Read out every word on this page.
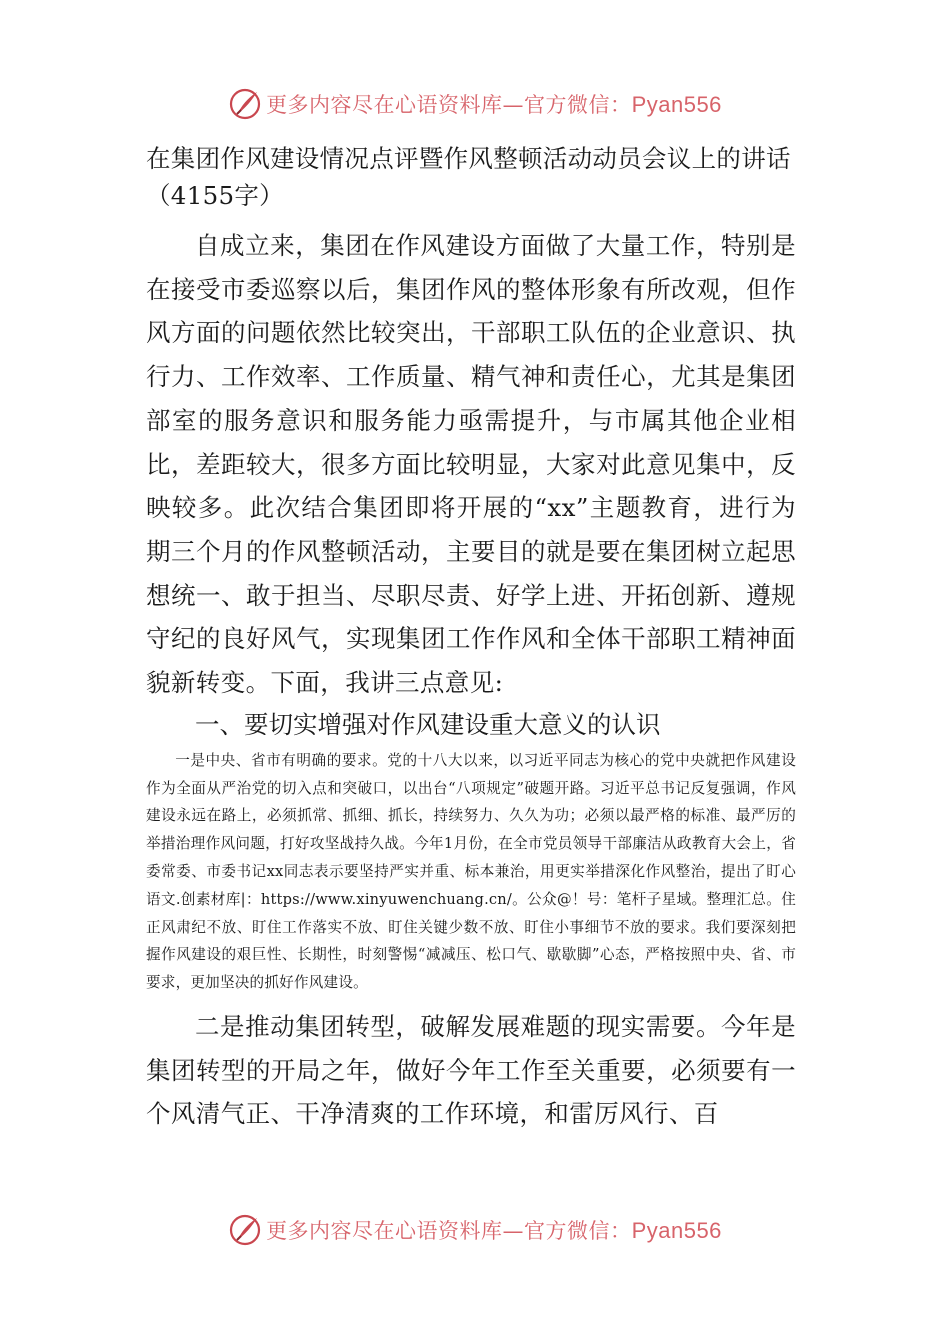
更多内容尽在心语资料库—官方微信：Pyan556
在集团作风建设情况点评暨作风整顿活动动员会议上的讲话（4155字）

自成立来，集团在作风建设方面做了大量工作，特别是在接受市委巡察以后，集团作风的整体形象有所改观，但作风方面的问题依然比较突出，干部职工队伍的企业意识、执行力、工作效率、工作质量、精气神和责任心，尤其是集团部室的服务意识和服务能力亟需提升，与市属其他企业相比，差距较大，很多方面比较明显，大家对此意见集中，反映较多。此次结合集团即将开展的“xx”主题教育，进行为期三个月的作风整顿活动，主要目的就是要在集团树立起思想统一、敢于担当、尽职尽责、好学上进、开拓创新、遵规守纪的良好风气，实现集团工作作风和全体干部职工精神面貌新转变。下面，我讲三点意见:

一、要切实增强对作风建设重大意义的认识

一是中央、省市有明确的要求。党的十八大以来，以习近平同志为核心的党中央就把作风建设作为全面从严治党的切入点和突破口，以出台“八项规定”破题开路。习近平总书记反复强调，作风建设永远在路上，必须抓常、抓细、抓长，持续努力、久久为功；必须以最严格的标准、最严厉的举措治理作风问题，打好攻坚战持久战。今年1月份，在全市党员领导干部廉洁从政教育大会上，省委常委、市委书记xx同志表示要坚持严实并重、标本兼治，用更实举措深化作风整治，提出了盯心语文.创素材库|：https://www.xinyuwenchuang.cn/。公众@！号：笔杆子星域。整理汇总。住正风肃纪不放、盯住工作落实不放、盯住关键少数不放、盯住小事细节不放的要求。我们要深刻把握作风建设的艰巨性、长期性，时刻警惕“减减压、松口气、歇歇脚”心态，严格按照中央、省、市要求，更加坚决的抓好作风建设。

二是推动集团转型，破解发展难题的现实需要。今年是集团转型的开局之年，做好今年工作至关重要，必须要有一个风清气正、干净清爽的工作环境，和雷厉风行、百

更多内容尽在心语资料库—官方微信：Pyan556
